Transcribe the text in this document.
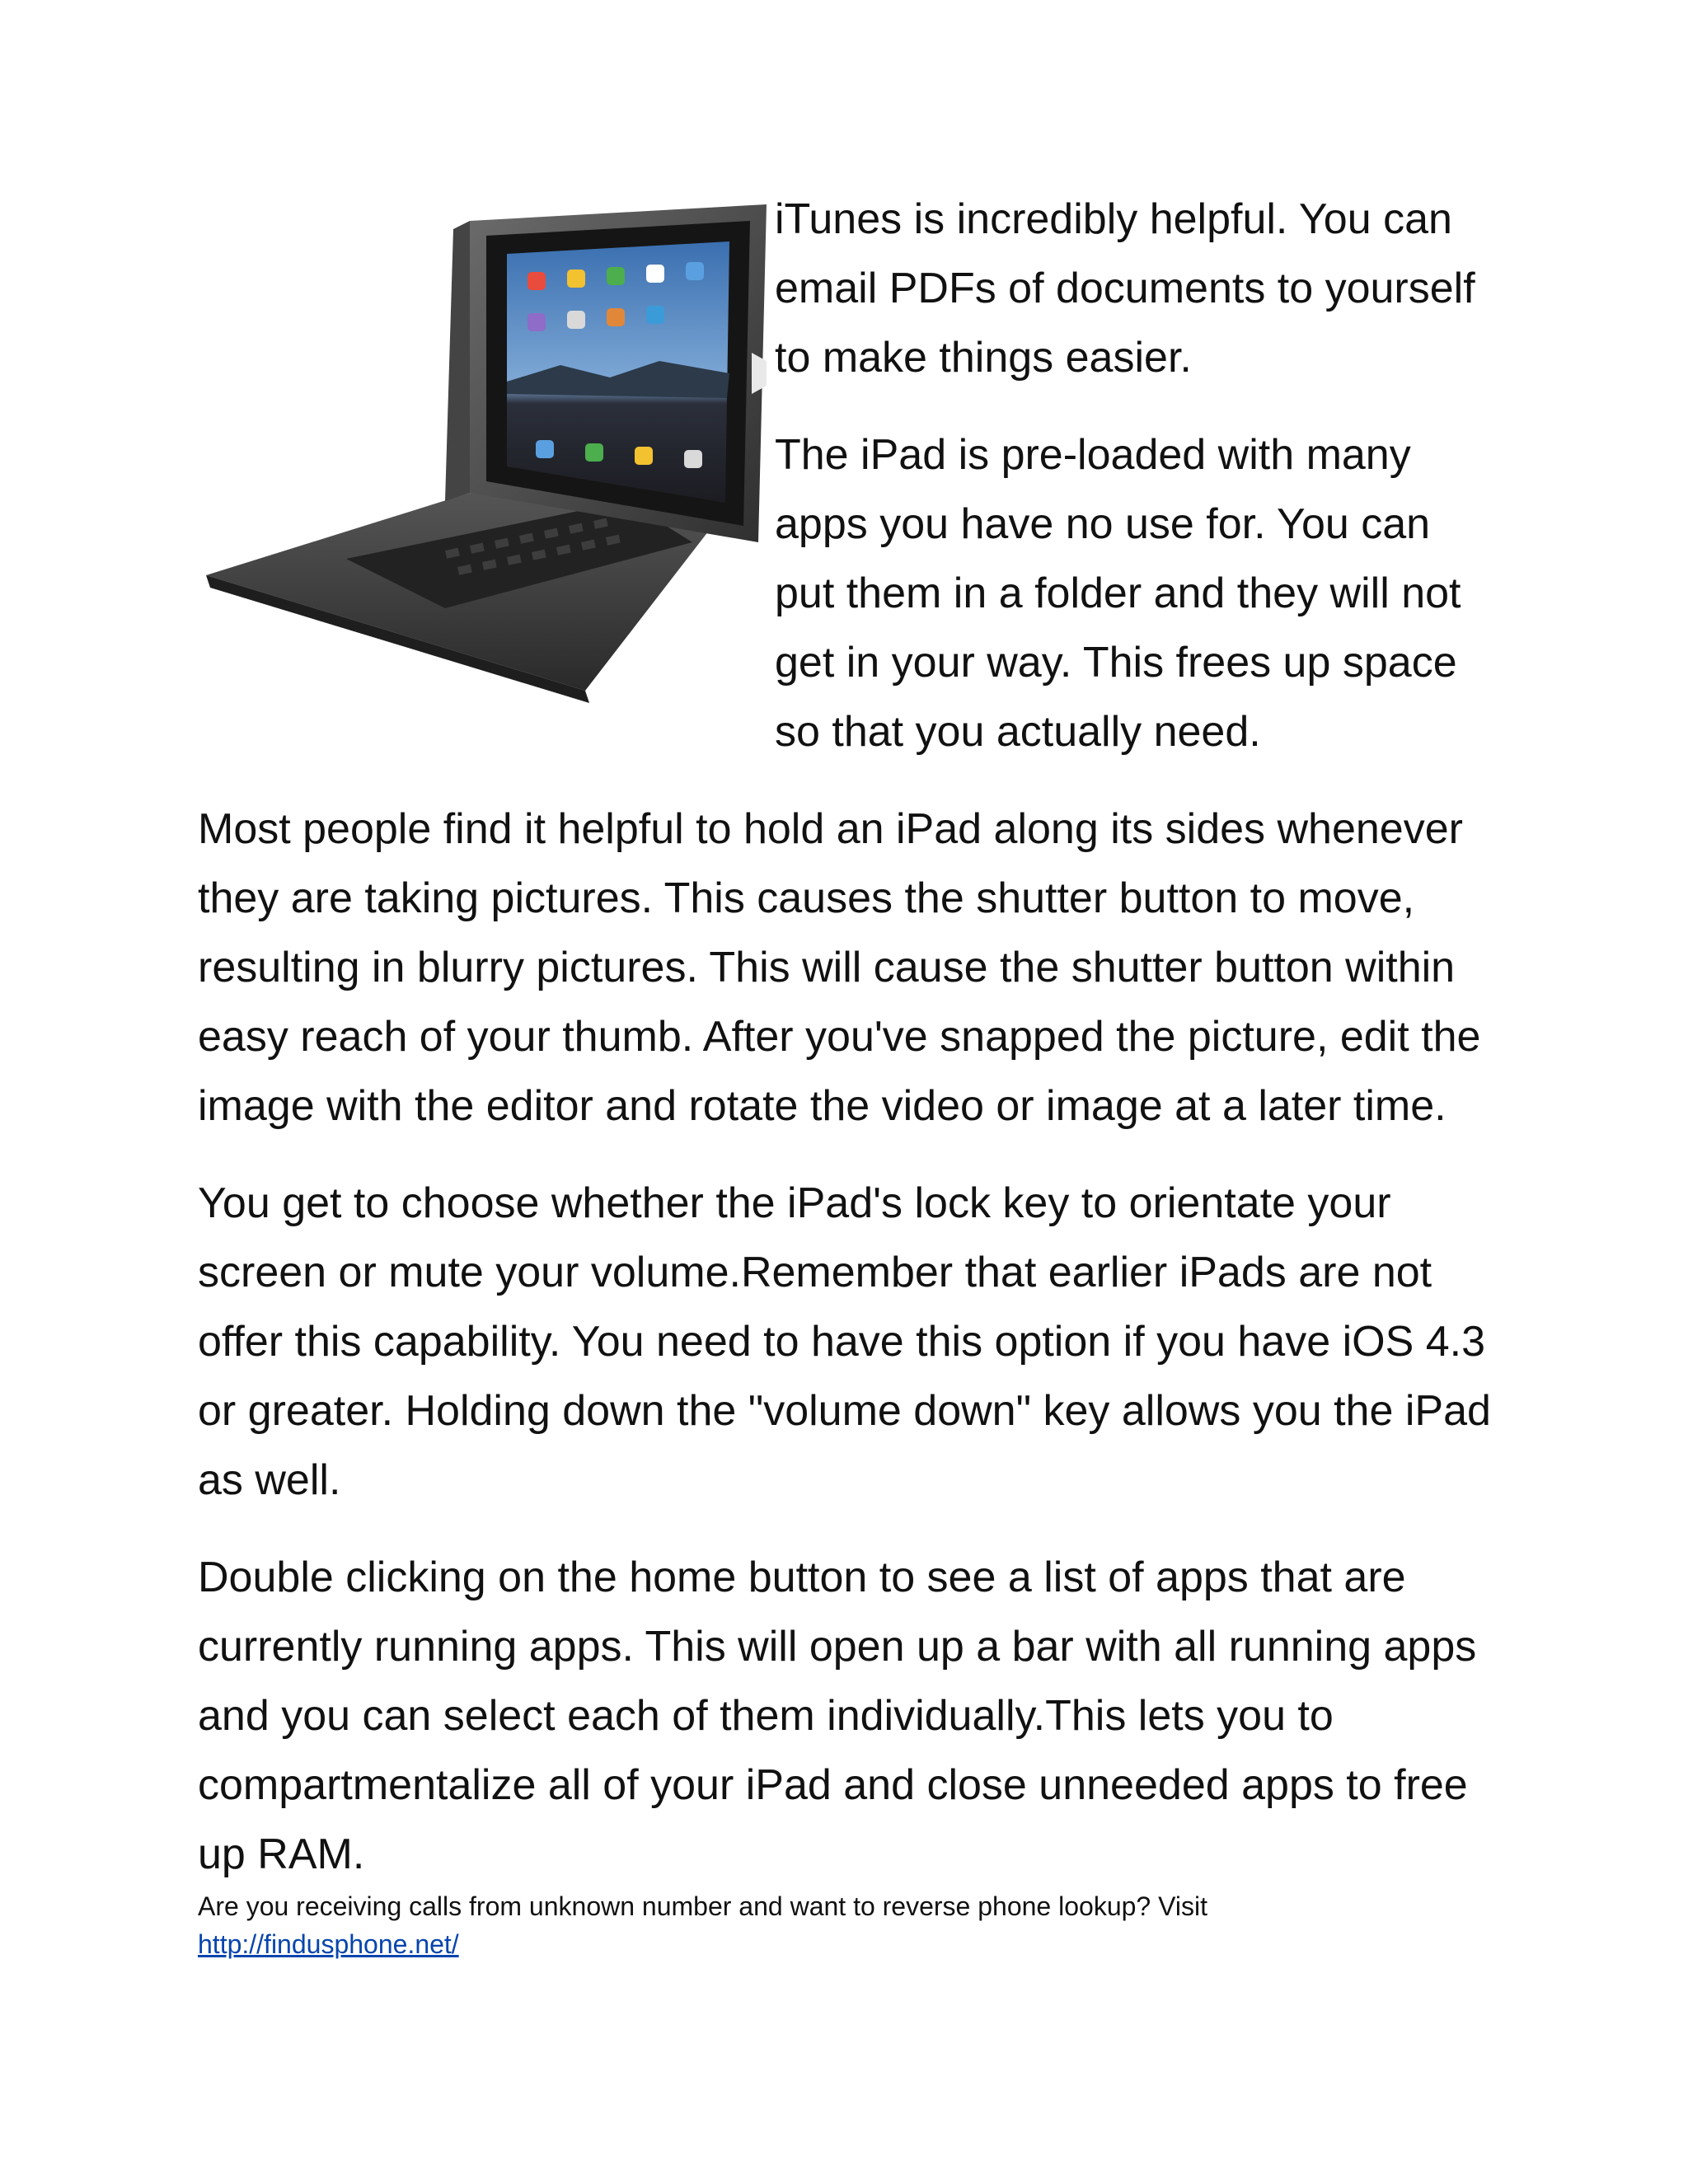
iTunes is incredibly helpful. You can email PDFs of documents to yourself to make things easier.

The iPad is pre-loaded with many apps you have no use for. You can put them in a folder and they will not get in your way. This frees up space so that you actually need.

Most people find it helpful to hold an iPad along its sides whenever they are taking pictures. This causes the shutter button to move, resulting in blurry pictures. This will cause the shutter button within easy reach of your thumb. After you've snapped the picture, edit the image with the editor and rotate the video or image at a later time.

You get to choose whether the iPad's lock key to orientate your screen or mute your volume.Remember that earlier iPads are not offer this capability. You need to have this option if you have iOS 4.3 or greater. Holding down the "volume down" key allows you the iPad as well.

Double clicking on the home button to see a list of apps that are currently running apps. This will open up a bar with all running apps and you can select each of them individually.This lets you to compartmentalize all of your iPad and close unneeded apps to free up RAM.

Are you receiving calls from unknown number and want to reverse phone lookup? Visit
http://findusphone.net/
